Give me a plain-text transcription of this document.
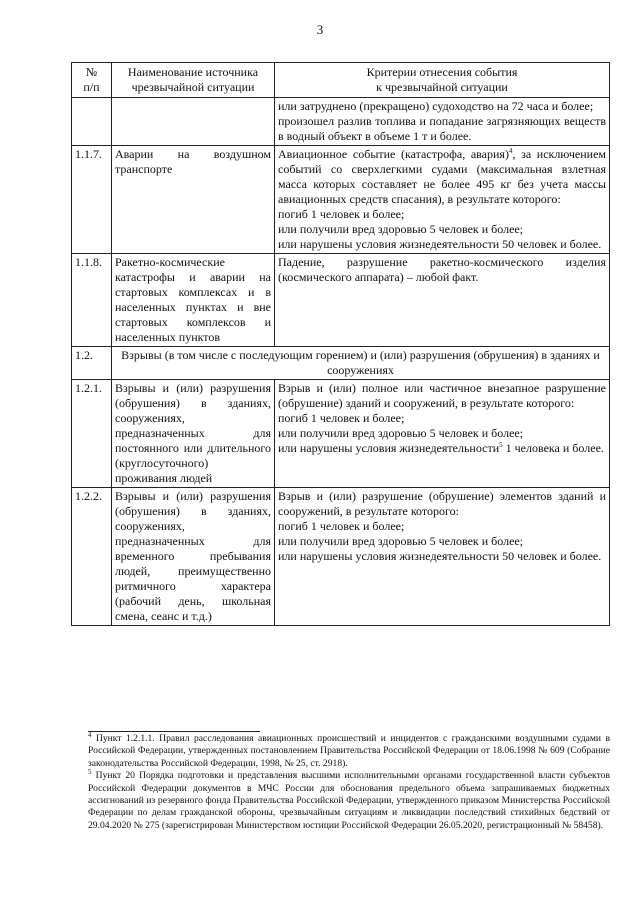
3
№
п/п	Наименование источника
чрезвычайной ситуации	Критерии отнесения события
к чрезвычайной ситуации

		или затруднено (прекращено) судоходство на 72 часа и более;
произошел разлив топлива и попадание загрязняющих веществ в водный объект в объеме 1 т и более.

1.1.7.	Аварии на воздушном транспорте	Авиационное событие (катастрофа, авария)$^4$, за исключением событий со сверхлегкими судами (максимальная взлетная масса которых составляет не более 495 кг без учета массы авиационных средств спасания), в результате которого:
погиб 1 человек и более;
или получили вред здоровью 5 человек и более;
или нарушены условия жизнедеятельности 50 человек и более.

1.1.8.	Ракетно-космические катастрофы и аварии на стартовых комплексах и в населенных пунктах и вне стартовых комплексов и населенных пунктов	Падение, разрушение ракетно-космического изделия (космического аппарата) – любой факт.
1.2.	Взрывы (в том числе с последующим горением) и (или) разрушения (обрушения) в зданиях и сооружениях	
1.2.1.	Взрывы и (или) разрушения (обрушения) в зданиях, сооружениях, предназначенных для постоянного или длительного (круглосуточного) проживания людей	Взрыв и (или) полное или частичное внезапное разрушение (обрушение) зданий и сооружений, в результате которого:
погиб 1 человек и более;
или получили вред здоровью 5 человек и более;
или нарушены условия жизнедеятельности$^5$ 1 человека и более.
1.2.2.	Взрывы и (или) разрушения (обрушения) в зданиях, сооружениях, предназначенных для временного пребывания людей, преимущественно ритмичного характера (рабочий день, школьная смена, сеанс и т.д.)	Взрыв и (или) разрушение (обрушение) элементов зданий и сооружений, в результате которого:
погиб 1 человек и более;
или получили вред здоровью 5 человек и более;
или нарушены условия жизнедеятельности 50 человек и более.
$^4$ Пункт 1.2.1.1. Правил расследования авиационных происшествий и инцидентов с гражданскими воздушными судами в Российской Федерации, утвержденных постановлением Правительства Российской Федерации от 18.06.1998 № 609 (Собрание законодательства Российской Федерации, 1998, № 25, ст. 2918).
$^5$ Пункт 20 Порядка подготовки и представления высшими исполнительными органами государственной власти субъектов Российской Федерации документов в МЧС России для обоснования предельного объема запрашиваемых бюджетных ассигнований из резервного фонда Правительства Российской Федерации, утвержденного приказом Министерства Российской Федерации по делам гражданской обороны, чрезвычайным ситуациям и ликвидации последствий стихийных бедствий от 29.04.2020 № 275 (зарегистрирован Министерством юстиции Российской Федерации 26.05.2020, регистрационный № 58458).
